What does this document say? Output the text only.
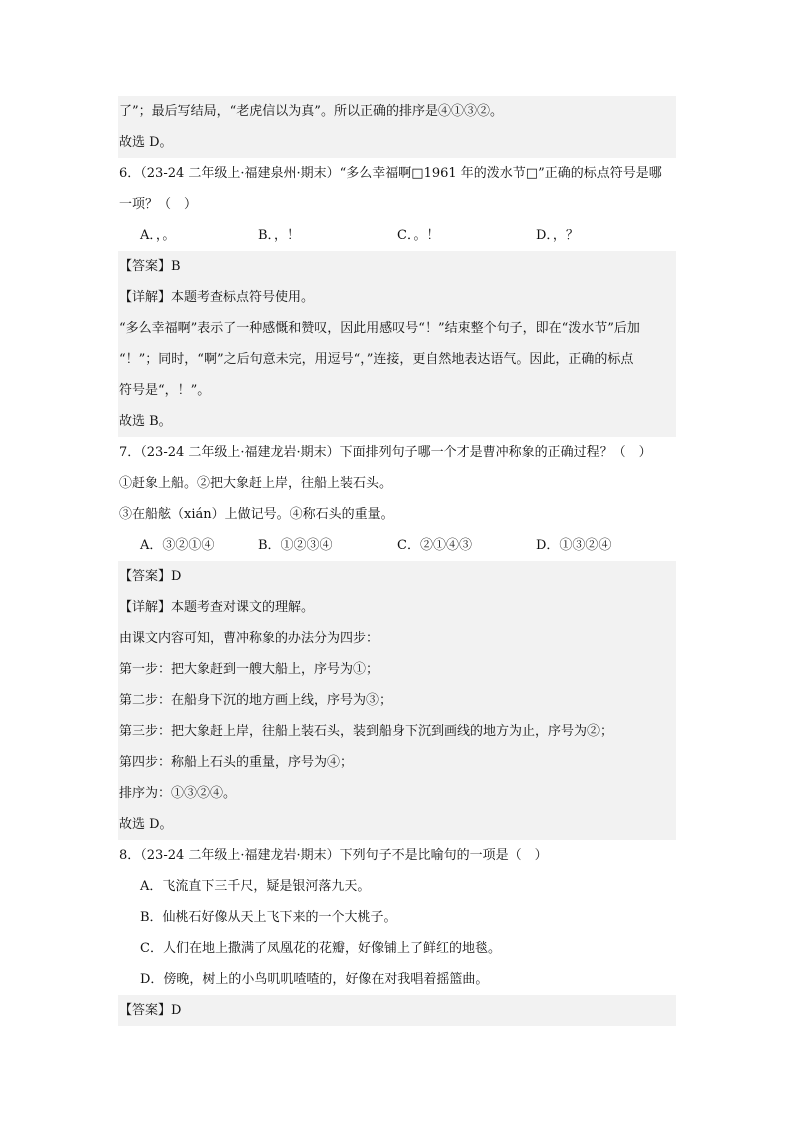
了”；最后写结局，“老虎信以为真”。所以正确的排序是④①③②。
故选 D。
6．（23-24 二年级上·福建泉州·期末）“多么幸福啊□1961 年的泼水节□”正确的标点符号是哪
一项？（　）
A．，。	B．，！	C．。！	D．，？
【答案】B
【详解】本题考查标点符号使用。
“多么幸福啊”表示了一种感慨和赞叹，因此用感叹号“！”结束整个句子，即在“泼水节”后加
“！”；同时，“啊”之后句意未完，用逗号“，”连接，更自然地表达语气。因此，正确的标点
符号是“，！”。
故选 B。
7．（23-24 二年级上·福建龙岩·期末）下面排列句子哪一个才是曹冲称象的正确过程？（　）
①赶象上船。②把大象赶上岸，往船上装石头。
③在船舷（xián）上做记号。④称石头的重量。
A．③②①④	B．①②③④	C．②①④③	D．①③②④
【答案】D
【详解】本题考查对课文的理解。
由课文内容可知，曹冲称象的办法分为四步：
第一步：把大象赶到一艘大船上，序号为①；
第二步：在船身下沉的地方画上线，序号为③；
第三步：把大象赶上岸，往船上装石头，装到船身下沉到画线的地方为止，序号为②；
第四步：称船上石头的重量，序号为④；
排序为：①③②④。
故选 D。
8．（23-24 二年级上·福建龙岩·期末）下列句子不是比喻句的一项是（　）
A．飞流直下三千尺，疑是银河落九天。
B．仙桃石好像从天上飞下来的一个大桃子。
C．人们在地上撒满了凤凰花的花瓣，好像铺上了鲜红的地毯。
D．傍晚，树上的小鸟叽叽喳喳的，好像在对我唱着摇篮曲。
【答案】D
